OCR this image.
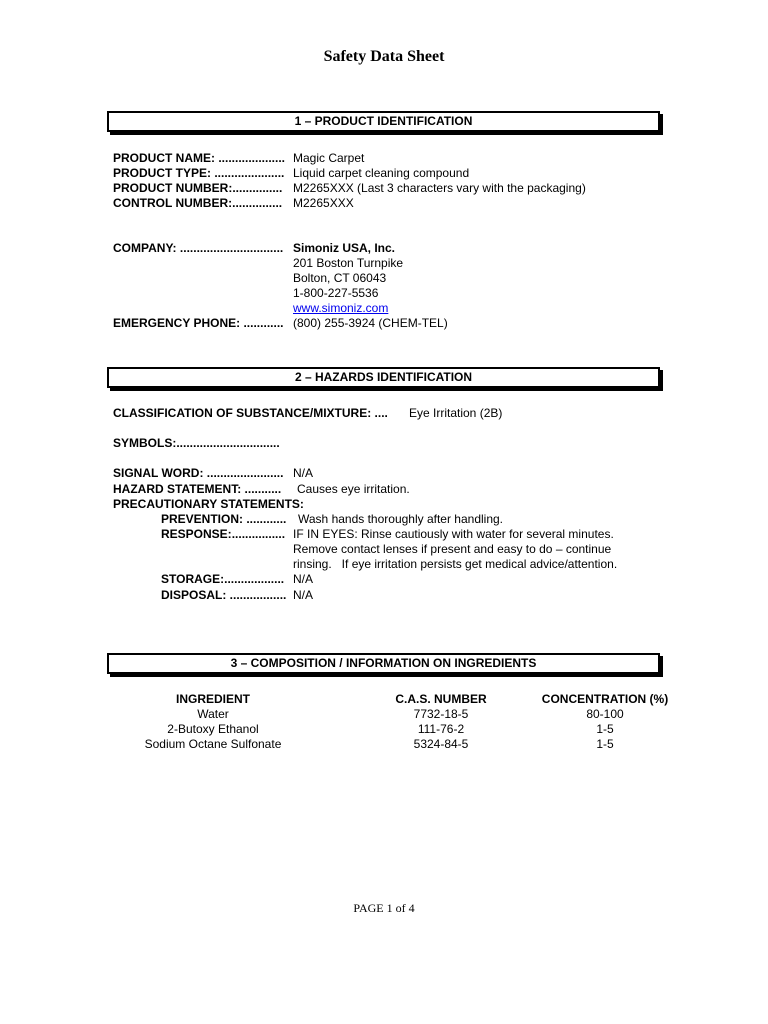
Safety Data Sheet
1 – PRODUCT IDENTIFICATION
PRODUCT NAME: .................... Magic Carpet
PRODUCT TYPE: ..................... Liquid carpet cleaning compound
PRODUCT NUMBER:............... M2265XXX (Last 3 characters vary with the packaging)
CONTROL NUMBER:............... M2265XXX
COMPANY: ............................... Simoniz USA, Inc.
201 Boston Turnpike
Bolton, CT 06043
1-800-227-5536
www.simoniz.com
EMERGENCY PHONE: ............ (800) 255-3924 (CHEM-TEL)
2 – HAZARDS IDENTIFICATION
CLASSIFICATION OF SUBSTANCE/MIXTURE: .... Eye Irritation (2B)
SYMBOLS:...............................
SIGNAL WORD: ....................... N/A
HAZARD STATEMENT: ........... Causes eye irritation.
PRECAUTIONARY STATEMENTS:
PREVENTION: ............ Wash hands thoroughly after handling.
RESPONSE:................ IF IN EYES: Rinse cautiously with water for several minutes.
Remove contact lenses if present and easy to do – continue
rinsing.   If eye irritation persists get medical advice/attention.
STORAGE:.................. N/A
DISPOSAL: ................. N/A
3 – COMPOSITION / INFORMATION ON INGREDIENTS
INGREDIENT	C.A.S. NUMBER	CONCENTRATION (%)
Water	7732-18-5	80-100
2-Butoxy Ethanol	111-76-2	1-5
Sodium Octane Sulfonate	5324-84-5	1-5
PAGE 1 of 4
